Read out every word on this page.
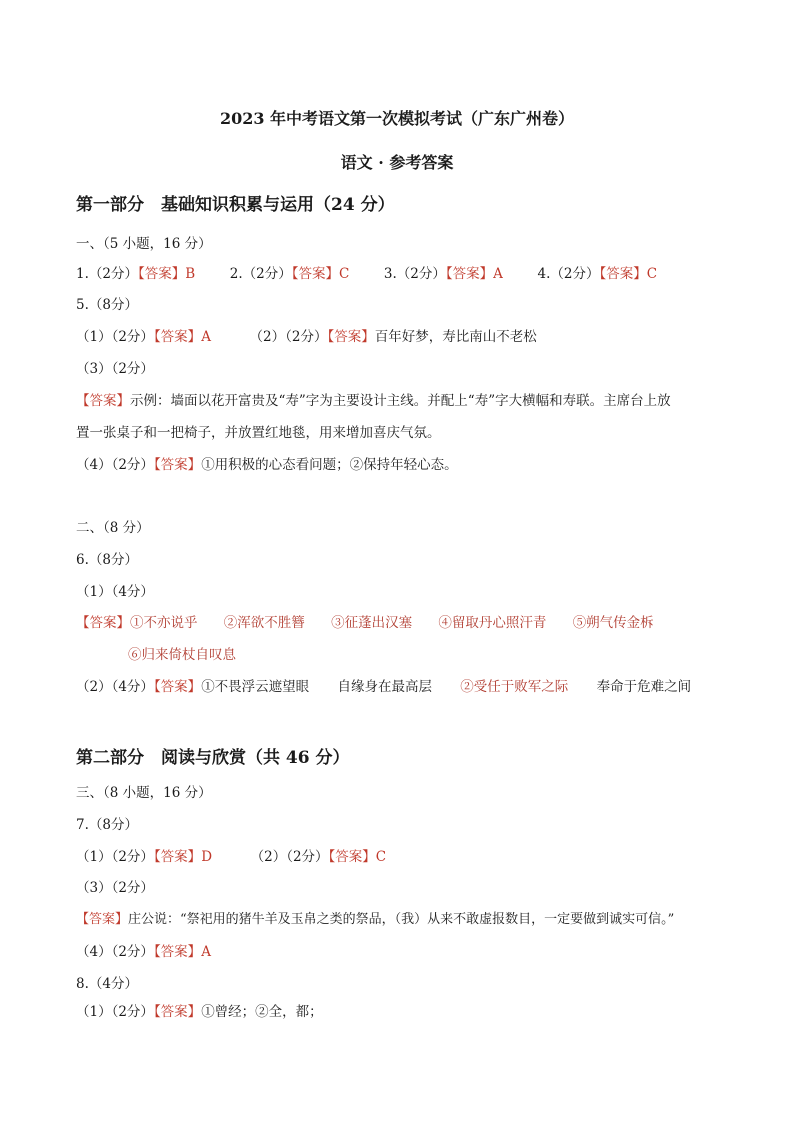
2023 年中考语文第一次模拟考试（广东广州卷）
语文 · 参考答案
第一部分　基础知识积累与运用（24 分）
一、（5 小题，16 分）
1.（2分）【答案】B	2.（2分）【答案】C	3.（2分）【答案】A	4.（2分）【答案】C
5.（8分）
（1）（2分）【答案】A	（2）（2分）【答案】百年好梦，寿比南山不老松
（3）（2分）
【答案】示例：墙面以花开富贵及“寿”字为主要设计主线。并配上“寿”字大横幅和寿联。主席台上放
置一张桌子和一把椅子，并放置红地毯，用来增加喜庆气氛。
（4）（2分）【答案】①用积极的心态看问题；②保持年轻心态。
二、（8 分）
6.（8分）
（1）（4分）
【答案】①不亦说乎 ②浑欲不胜簪 ③征蓬出汉塞 ④留取丹心照汗青 ⑤朔气传金柝
⑥归来倚杖自叹息
（2）（4分）【答案】①不畏浮云遮望眼 自缘身在最高层 ②受任于败军之际 奉命于危难之间
第二部分　阅读与欣赏（共 46 分）
三、（8 小题，16 分）
7.（8分）
（1）（2分）【答案】D	（2）（2分）【答案】C
（3）（2分）
【答案】庄公说：“祭祀用的猪牛羊及玉帛之类的祭品，（我）从来不敢虚报数目，一定要做到诚实可信。”
（4）（2分）【答案】A
8.（4分）
（1）（2分）【答案】①曾经；②全，都；
